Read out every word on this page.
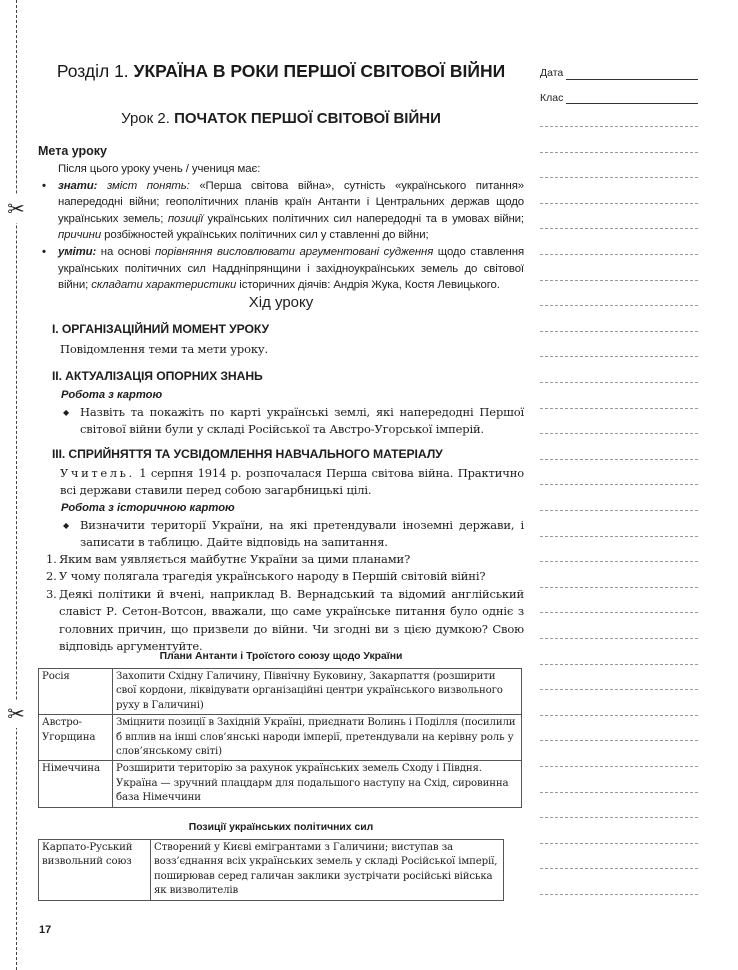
✂
✂
Розділ 1. УКРАЇНА В РОКИ ПЕРШОЇ СВІТОВОЇ ВІЙНИ
Урок 2. ПОЧАТОК ПЕРШОЇ СВІТОВОЇ ВІЙНИ
Мета уроку
Після цього уроку учень / учениця має:
• знати: зміст понять: «Перша світова війна», сутність «українського питання» напередодні війни; геополітичних планів країн Антанти і Центральних держав щодо українських земель; позиції українських політичних сил напередодні та в умовах війни; причини розбіжностей українських політичних сил у ставленні до війни;
• уміти: на основі порівняння висловлювати аргументовані судження щодо ставлення українських політичних сил Наддніпрянщини і західноукраїнських земель до світової війни; складати характеристики історичних діячів: Андрія Жука, Костя Левицького.
Хід уроку
I. ОРГАНІЗАЦІЙНИЙ МОМЕНТ УРОКУ
Повідомлення теми та мети уроку.
II. АКТУАЛІЗАЦІЯ ОПОРНИХ ЗНАНЬ
Робота з картою
◆ Назвіть та покажіть по карті українські землі, які напередодні Першої світової війни були у складі Російської та Австро-Угорської імперій.
III. СПРИЙНЯТТЯ ТА УСВІДОМЛЕННЯ НАВЧАЛЬНОГО МАТЕРІАЛУ
Учитель. 1 серпня 1914 р. розпочалася Перша світова війна. Практично всі держави ставили перед собою загарбницькі цілі.
Робота з історичною картою
◆ Визначити території України, на які претендували іноземні держави, і записати в таблицю. Дайте відповідь на запитання.
1. Яким вам уявляється майбутнє України за цими планами?
2. У чому полягала трагедія українського народу в Першій світовій війні?
3. Деякі політики й вчені, наприклад В. Вернадський та відомий англійський славіст Р. Сетон-Вотсон, вважали, що саме українське питання було одніє з головних причин, що призвели до війни. Чи згодні ви з цією думкою? Свою відповідь аргументуйте.
Плани Антанти і Троїстого союзу щодо України
Росія	Захопити Східну Галичину, Північну Буковину, Закарпаття (розширити свої кордони, ліквідувати організаційні центри українського визвольного руху в Галичині)
Австро-Угорщина	Зміцнити позиції в Західній Україні, приєднати Волинь і Поділля (посилили б вплив на інші слов’янські народи імперії, претендували на керівну роль у слов’янському світі)
Німеччина	Розширити територію за рахунок українських земель Сходу і Півдня. Україна — зручний плацдарм для подальшого наступу на Схід, сировинна база Німеччини
Позиції українських політичних сил
Карпато-Руський визвольний союз	Створений у Києві емігрантами з Галичини; виступав за возз’єднання всіх українських земель у складі Російської імперії, поширював серед галичан заклики зустрічати російські війська як визволителів
Дата
Клас
17
